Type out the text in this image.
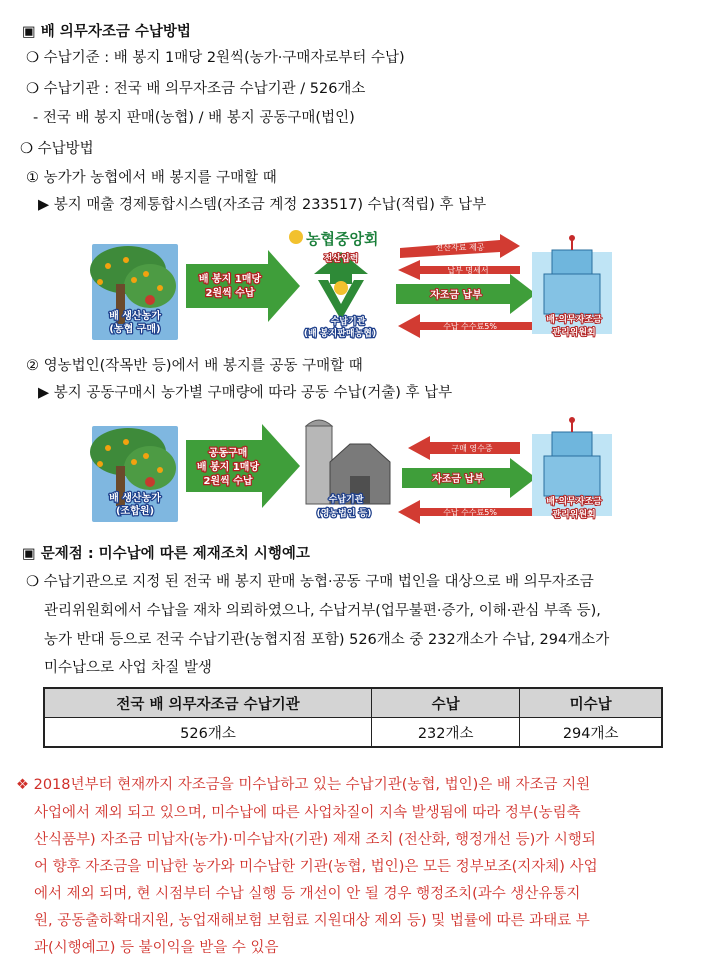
▣ 배 의무자조금 수납방법
❍ 수납기준 : 배 봉지 1매당 2원씩(농가·구매자로부터 수납)
❍ 수납기관 : 전국 배 의무자조금 수납기관 / 526개소
- 전국 배 봉지 판매(농협) / 배 봉지 공동구매(법인)
❍ 수납방법
① 농가가 농협에서 배 봉지를 구매할 때
▶ 봉지 매출 경제통합시스템(자조금 계정 233517) 수납(적립) 후 납부
배 생산농가
(농협 구매)
배 봉지 1매당
2원씩 수납
농협중앙회
전산입력
수납기관
(배 봉지판매농협)
전산자료 제공
납부 명세서
자조금 납부
수납 수수료5%
배·의무자조금
관리위원회
② 영농법인(작목반 등)에서 배 봉지를 공동 구매할 때
▶ 봉지 공동구매시 농가별 구매량에 따라 공동 수납(거출) 후 납부
배 생산농가
(조합원)
공동구매
배 봉지 1매당
2원씩 수납
수납기관
(영농법인 등)
구매 영수증
자조금 납부
수납 수수료5%
배·의무자조금
관리위원회
▣ 문제점 : 미수납에 따른 제재조치 시행예고
❍ 수납기관으로 지정 된 전국 배 봉지 판매 농협·공동 구매 법인을 대상으로 배 의무자조금
관리위원회에서 수납을 재차 의뢰하였으나, 수납거부(업무불편·증가, 이해·관심 부족 등),
농가 반대 등으로 전국 수납기관(농협지점 포함) 526개소 중 232개소가 수납, 294개소가
미수납으로 사업 차질 발생
전국 배 의무자조금 수납기관	수납	미수납
526개소	232개소	294개소
❖ 2018년부터 현재까지 자조금을 미수납하고 있는 수납기관(농협, 법인)은 배 자조금 지원
사업에서 제외 되고 있으며, 미수납에 따른 사업차질이 지속 발생됨에 따라 정부(농림축
산식품부) 자조금 미납자(농가)·미수납자(기관) 제재 조치 (전산화, 행정개선 등)가 시행되
어 향후 자조금을 미납한 농가와 미수납한 기관(농협, 법인)은 모든 정부보조(지자체) 사업
에서 제외 되며, 현 시점부터 수납 실행 등 개선이 안 될 경우 행정조치(과수 생산유통지
원, 공동출하확대지원, 농업재해보험 보험료 지원대상 제외 등) 및 법률에 따른 과태료 부
과(시행예고) 등 불이익을 받을 수 있음
